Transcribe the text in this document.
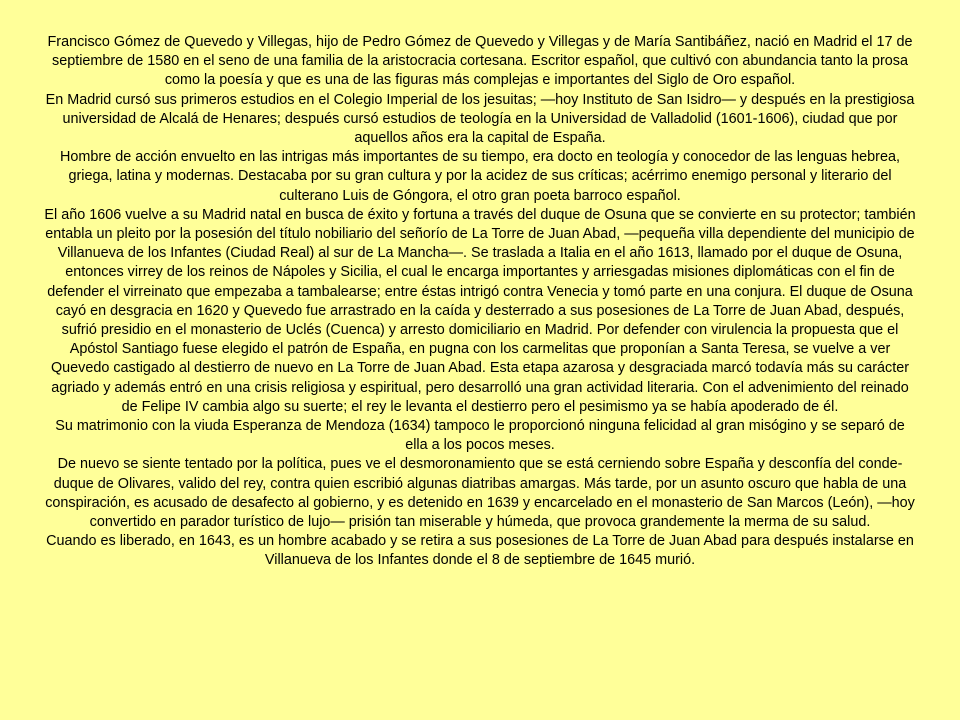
Francisco Gómez de Quevedo y Villegas, hijo de Pedro Gómez de Quevedo y Villegas y de María Santibáñez, nació en Madrid el 17 de septiembre de 1580 en el seno de una familia de la aristocracia cortesana. Escritor español, que cultivó con abundancia tanto la prosa como la poesía y que es una de las figuras más complejas e importantes del Siglo de Oro español.

En Madrid cursó sus primeros estudios en el Colegio Imperial de los jesuitas; —hoy Instituto de San Isidro— y después en la prestigiosa universidad de Alcalá de Henares; después cursó estudios de teología en la Universidad de Valladolid (1601-1606), ciudad que por aquellos años era la capital de España.

Hombre de acción envuelto en las intrigas más importantes de su tiempo, era docto en teología y conocedor de las lenguas hebrea, griega, latina y modernas. Destacaba por su gran cultura y por la acidez de sus críticas; acérrimo enemigo personal y literario del culterano Luis de Góngora, el otro gran poeta barroco español.

El año 1606 vuelve a su Madrid natal en busca de éxito y fortuna a través del duque de Osuna que se convierte en su protector; también entabla un pleito por la posesión del título nobiliario del señorío de La Torre de Juan Abad, —pequeña villa dependiente del municipio de Villanueva de los Infantes (Ciudad Real) al sur de La Mancha—. Se traslada a Italia en el año 1613, llamado por el duque de Osuna, entonces virrey de los reinos de Nápoles y Sicilia, el cual le encarga importantes y arriesgadas misiones diplomáticas con el fin de defender el virreinato que empezaba a tambalearse; entre éstas intrigó contra Venecia y tomó parte en una conjura. El duque de Osuna cayó en desgracia en 1620 y Quevedo fue arrastrado en la caída y desterrado a sus posesiones de La Torre de Juan Abad, después, sufrió presidio en el monasterio de Uclés (Cuenca) y arresto domiciliario en Madrid. Por defender con virulencia la propuesta que el Apóstol Santiago fuese elegido el patrón de España, en pugna con los carmelitas que proponían a Santa Teresa, se vuelve a ver Quevedo castigado al destierro de nuevo en La Torre de Juan Abad. Esta etapa azarosa y desgraciada marcó todavía más su carácter agriado y además entró en una crisis religiosa y espiritual, pero desarrolló una gran actividad literaria. Con el advenimiento del reinado de Felipe IV cambia algo su suerte; el rey le levanta el destierro pero el pesimismo ya se había apoderado de él.

Su matrimonio con la viuda Esperanza de Mendoza (1634) tampoco le proporcionó ninguna felicidad al gran misógino y se separó de ella a los pocos meses.

De nuevo se siente tentado por la política, pues ve el desmoronamiento que se está cerniendo sobre España y desconfía del conde-duque de Olivares, valido del rey, contra quien escribió algunas diatribas amargas. Más tarde, por un asunto oscuro que habla de una conspiración, es acusado de desafecto al gobierno, y es detenido en 1639 y encarcelado en el monasterio de San Marcos (León), —hoy convertido en parador turístico de lujo— prisión tan miserable y húmeda, que provoca grandemente la merma de su salud.

Cuando es liberado, en 1643, es un hombre acabado y se retira a sus posesiones de La Torre de Juan Abad para después instalarse en Villanueva de los Infantes donde el 8 de septiembre de 1645 murió.
